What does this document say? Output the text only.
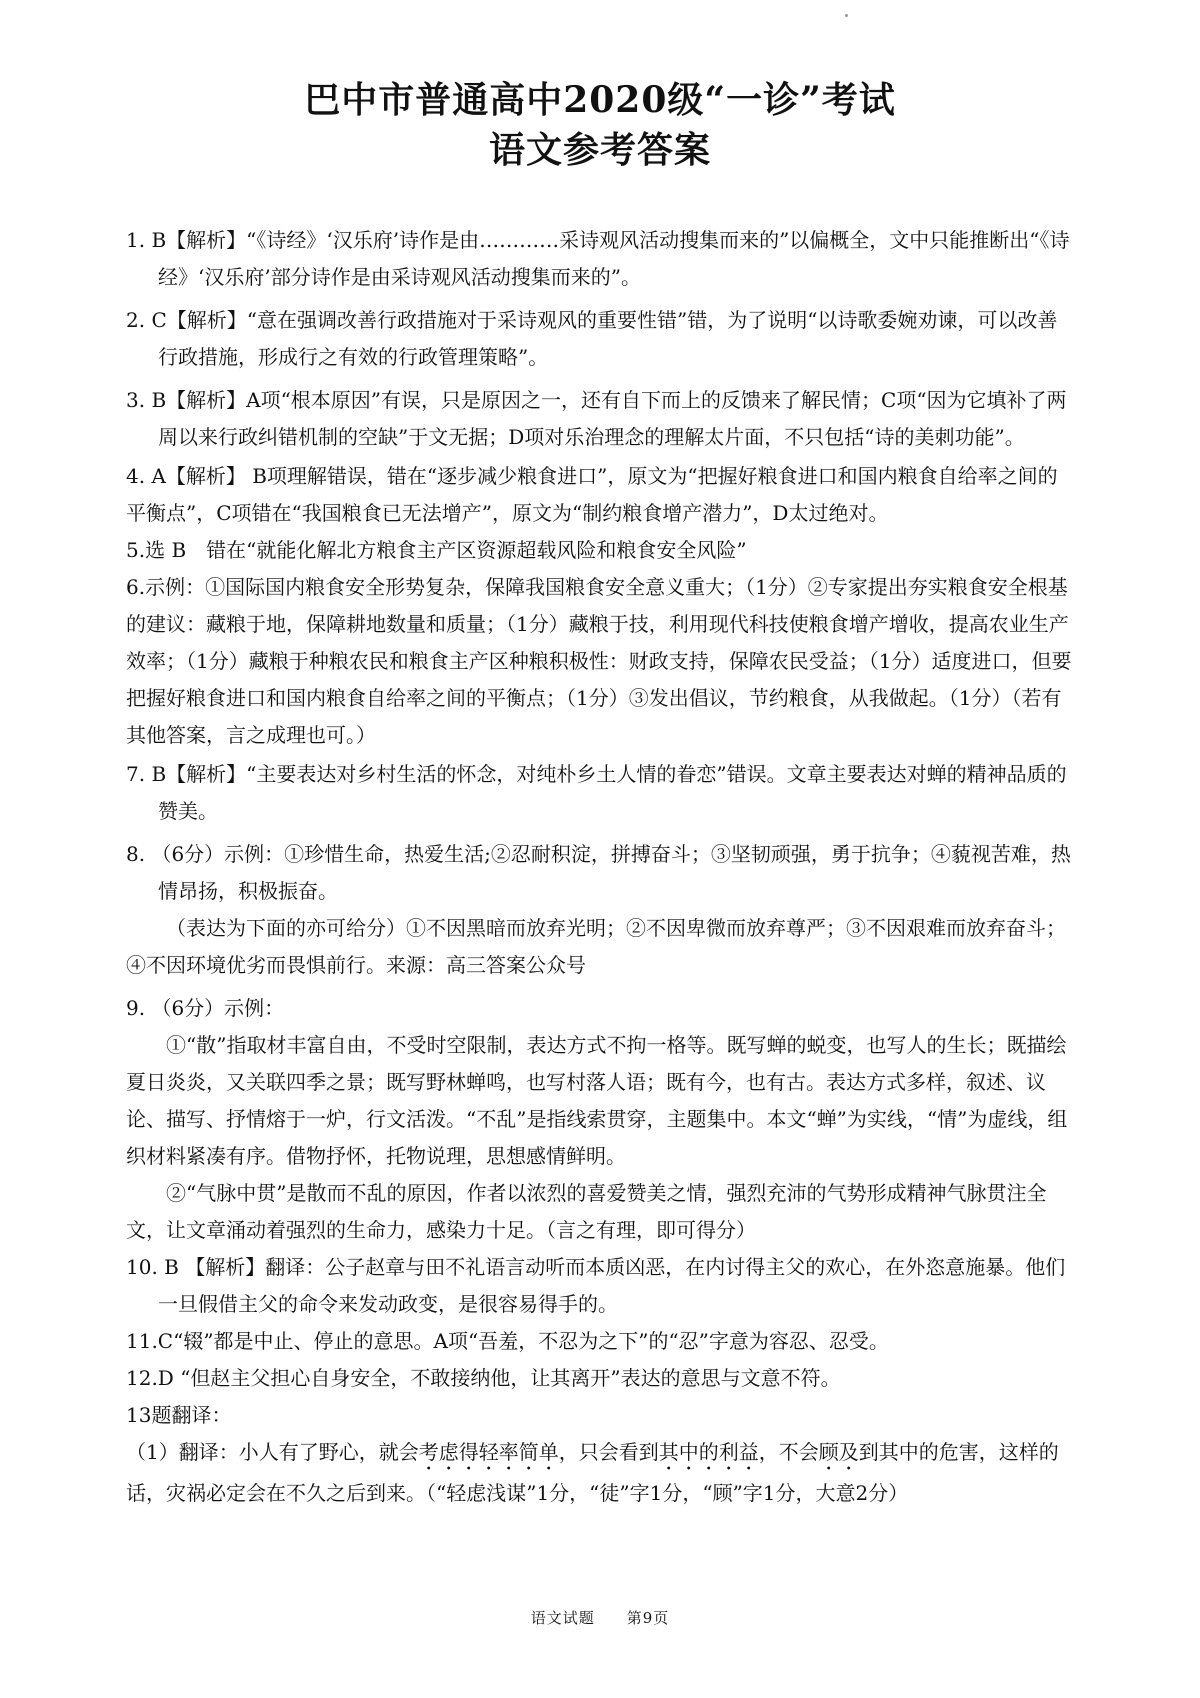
巴中市普通高中2020级“一诊”考试
语文参考答案

1. B【解析】“《诗经》‘汉乐府’诗作是由…………采诗观风活动搜集而来的”以偏概全，文中只能推断出“《诗经》‘汉乐府’部分诗作是由采诗观风活动搜集而来的”。

2. C【解析】“意在强调改善行政措施对于采诗观风的重要性错”错，为了说明“以诗歌委婉劝谏，可以改善行政措施，形成行之有效的行政管理策略”。

3. B【解析】A项“根本原因”有误，只是原因之一，还有自下而上的反馈来了解民情；C项“因为它填补了两周以来行政纠错机制的空缺”于文无据；D项对乐治理念的理解太片面，不只包括“诗的美刺功能”。

4. A【解析】 B项理解错误，错在“逐步减少粮食进口”，原文为“把握好粮食进口和国内粮食自给率之间的平衡点”，C项错在“我国粮食已无法增产”，原文为“制约粮食增产潜力”，D太过绝对。

5.选 B　错在“就能化解北方粮食主产区资源超载风险和粮食安全风险”

6.示例：①国际国内粮食安全形势复杂，保障我国粮食安全意义重大；（1分）②专家提出夯实粮食安全根基的建议：藏粮于地，保障耕地数量和质量；（1分）藏粮于技，利用现代科技使粮食增产增收，提高农业生产效率；（1分）藏粮于种粮农民和粮食主产区种粮积极性：财政支持，保障农民受益；（1分）适度进口，但要把握好粮食进口和国内粮食自给率之间的平衡点；（1分）③发出倡议，节约粮食，从我做起。（1分）（若有其他答案，言之成理也可。）

7. B【解析】“主要表达对乡村生活的怀念，对纯朴乡土人情的眷恋”错误。文章主要表达对蝉的精神品质的赞美。

8. （6分）示例：①珍惜生命，热爱生活;②忍耐积淀，拼搏奋斗；③坚韧顽强，勇于抗争；④藐视苦难，热情昂扬，积极振奋。

（表达为下面的亦可给分）①不因黑暗而放弃光明；②不因卑微而放弃尊严；③不因艰难而放弃奋斗；④不因环境优劣而畏惧前行。来源：高三答案公众号

9. （6分）示例：

①“散”指取材丰富自由，不受时空限制，表达方式不拘一格等。既写蝉的蜕变，也写人的生长；既描绘夏日炎炎，又关联四季之景；既写野林蝉鸣，也写村落人语；既有今，也有古。表达方式多样，叙述、议论、描写、抒情熔于一炉，行文活泼。“不乱”是指线索贯穿，主题集中。本文“蝉”为实线，“情”为虚线，组织材料紧凑有序。借物抒怀，托物说理，思想感情鲜明。

②“气脉中贯”是散而不乱的原因，作者以浓烈的喜爱赞美之情，强烈充沛的气势形成精神气脉贯注全文，让文章涌动着强烈的生命力，感染力十足。（言之有理，即可得分）

10. B 【解析】翻译：公子赵章与田不礼语言动听而本质凶恶，在内讨得主父的欢心，在外恣意施暴。他们一旦假借主父的命令来发动政变，是很容易得手的。

11.C“辍”都是中止、停止的意思。A项“吾羞，不忍为之下”的“忍”字意为容忍、忍受。

12.D “但赵主父担心自身安全，不敢接纳他，让其离开”表达的意思与文意不符。

13题翻译：

（1）翻译：小人有了野心，就会考虑得轻率简单，只会看到其中的利益，不会顾及到其中的危害，这样的话，灾祸必定会在不久之后到来。（“轻虑浅谋”1分，“徒”字1分，“顾”字1分，大意2分）

语文试题　　第9页
